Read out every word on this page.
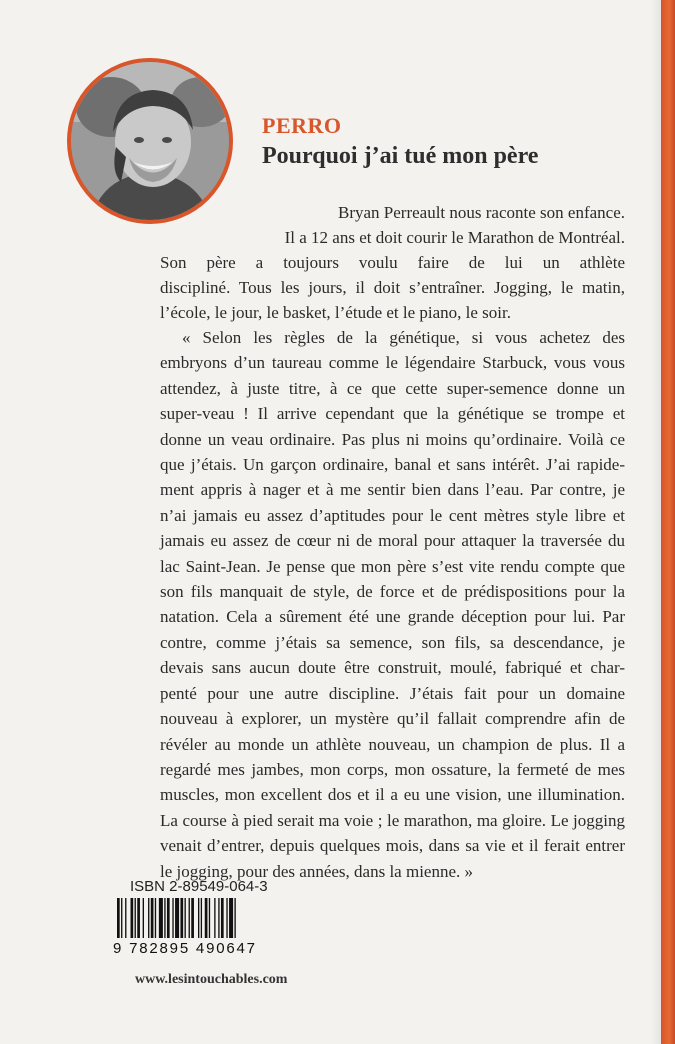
PERRO
Pourquoi j’ai tué mon père
Bryan Perreault nous raconte son enfance.
Il a 12 ans et doit courir le Marathon de Montréal.
Son père a toujours voulu faire de lui un athlète
discipliné. Tous les jours, il doit s’entraîner. Jogging, le matin,
l’école, le jour, le basket, l’étude et le piano, le soir.
« Selon les règles de la génétique, si vous achetez des
embryons d’un taureau comme le légendaire Starbuck, vous vous
attendez, à juste titre, à ce que cette super-semence donne un
super-veau ! Il arrive cependant que la génétique se trompe et
donne un veau ordinaire. Pas plus ni moins qu’ordinaire. Voilà ce
que j’étais. Un garçon ordinaire, banal et sans intérêt. J’ai rapide-
ment appris à nager et à me sentir bien dans l’eau. Par contre, je
n’ai jamais eu assez d’aptitudes pour le cent mètres style libre et
jamais eu assez de cœur ni de moral pour attaquer la traversée du
lac Saint-Jean. Je pense que mon père s’est vite rendu compte que
son fils manquait de style, de force et de prédispositions pour la
natation. Cela a sûrement été une grande déception pour lui. Par
contre, comme j’étais sa semence, son fils, sa descendance, je
devais sans aucun doute être construit, moulé, fabriqué et char-
penté pour une autre discipline. J’étais fait pour un domaine
nouveau à explorer, un mystère qu’il fallait comprendre afin de
révéler au monde un athlète nouveau, un champion de plus. Il a
regardé mes jambes, mon corps, mon ossature, la fermeté de mes
muscles, mon excellent dos et il a eu une vision, une illumination.
La course à pied serait ma voie ; le marathon, ma gloire. Le jogging
venait d’entrer, depuis quelques mois, dans sa vie et il ferait entrer
le jogging, pour des années, dans la mienne. »
ISBN 2-89549-064-3
9 782895 490647
www.lesintouchables.com
